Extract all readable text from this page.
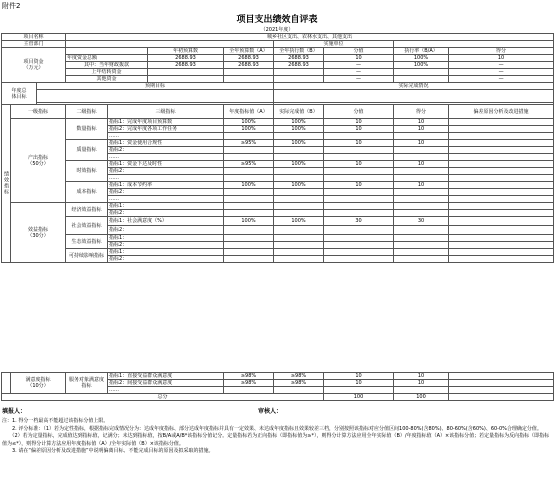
附件2
项目支出绩效自评表
（2021年度）
项目名称			城乡社区支出、农林水支出、其他支出							
主管部门							实施单位			

项目资金
（万元）					年初预算数	全年预算数（A）	全年执行数（B）	分值	执行率（B/A）	得分
			年度资金总额		2688.93	2688.93	2688.93	10	100%	10
			其中：当年财政拨款		2688.93	2688.93	2688.93	—	100%	—
			上年结转资金					—		—
			其他资金					—		—

年度总
体目标		预期目标					实际完成情况			

绩效指标	一级指标		二级指标	三级指标		年度指标值（A）	实际完成值（B）	分值	得分	偏差原因分析及改进措施

	产出指标
（50分）		数量指标	指标1：完成年度项目预算数		100%	100%	10	10	
				指标2：完成年度各项工作任务		100%	100%	10	10	
				……						
			质量指标	指标1：资金使用合规性		≥95%	100%	10	10	
				指标2：						
				……						
			时效指标	指标1：资金下达及时性		≥95%	100%	10	10	
				指标2：						
				……						
			成本指标	指标1：成本节约率		100%	100%	10	10	
				指标2：						
				……						

	效益指标
（30分）		经济效益指标	指标1：						
				指标2：						
			社会效益指标	指标1：社会满意度（%）		100%	100%	30	30	
				指标2：						
			生态效益指标	指标1：						
				指标2：						
			可持续影响指标	指标1：						
				指标2：						

	满意度指标
（10分）	服务对象满意度指标	指标1：直接受益群众满意度	≥98%	≥98%	10	10	
			指标2：间接受益群众满意度	≥98%	≥98%	10	10	
			……					
总分						100	100	
填报人：	审核人：
注：1. 得分一档最高不能超过该指标分值上限。
　　2. 评分标准：（1）若为定性指标，根据指标完成情况分为：达成年度指标、部分达成年度指标并具有一定效果、未达成年度指标且效果较差三档，分别按照该指标对应分值区间100-80%(含80%)、80-60%(含60%)、60-0%合理确定分值。
　　（2）若为定量指标，完成值达到指标值，记满分；未达到指标值，按B/A或A/B*该指标分值记分。定量指标若为正向指标（即指标值为≥*），则得分计算方法应用全年实际值（B）/年度指标值（A）×该指标分值；若定量指标为反向指标（即指标值为≤*），则得分计算方法应用年度指标值（A）/全年实际值（B）×该指标分值。
　　3. 请在“偏差原因分析及改进措施”中说明偏离目标、不能完成目标的原因及拟采取的措施。
